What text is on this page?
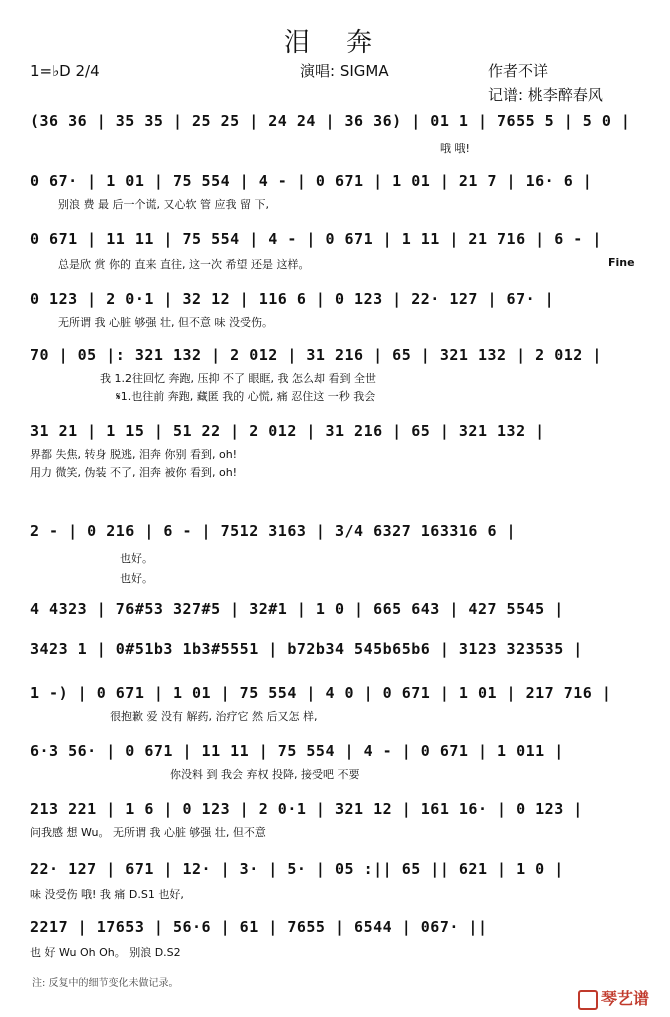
泪 奔
1=♭D 2/4	演唱: SIGMA	作者不详
记谱: 桃李醉春风
(36 36 | 35 35 | 25 25 | 24 24 | 36 36) | 01 1 | 7655 5 | 5 0 |
哦 哦!
0 67· | 1 01 | 75 554 | 4 - | 0 671 | 1 01 | 21 7 | 16· 6 |
别浪 费 最 后一个谎, 又心软 管 应我 留 下,
0 671 | 11 11 | 75 554 | 4 - | 0 671 | 1 11 | 21 716 | 6 - |
总是欣 赏 你的 直来 直往, 这一次 希望 还是 这样。	Fine
0 123 | 2 0·1 | 32 12 | 116 6 | 0 123 | 22· 127 | 67· |
无所谓 我 心脏 够强 壮, 但不意 味 没受伤。
70 | 05 |: 321 132 | 2 012 | 31 216 | 65 | 321 132 | 2 012 |
我 1.2往回忆 奔跑, 压抑 不了 眼眶, 我 怎么却 看到 全世
𝄋1.也往前 奔跑, 藏匿 我的 心慌, 痛 忍住这 一秒 我会
31 21 | 1 15 | 51 22 | 2 012 | 31 216 | 65 | 321 132 |
界都 失焦, 转身 脱逃, 泪奔 你别 看到, oh!
用力 微笑, 伪装 不了, 泪奔 被你 看到, oh!
2 - | 0 216 | 6 - | 7512 3163 | 3/4 6327 163316 6 |
也好。
也好。
4 4323 | 76#53 327#5 | 32#1 | 1 0 | 665 643 | 427 5545 |
3423 1 | 0#51b3 1b3#5551 | b72b34 545b65b6 | 3123 323535 |
1 -) | 0 671 | 1 01 | 75 554 | 4 0 | 0 671 | 1 01 | 217 716 |
很抱歉 爱 没有 解药, 治疗它 然 后又怎 样,
6·3 56· | 0 671 | 11 11 | 75 554 | 4 - | 0 671 | 1 011 |
你没料 到 我会 弃权 投降, 接受吧 不要
213 221 | 1 6 | 0 123 | 2 0·1 | 321 12 | 161 16· | 0 123 |
问我感 想 Wu。 无所谓 我 心脏 够强 壮, 但不意
22· 127 | 671 | 12· | 3· | 5· | 05 :|| 65 || 621 | 1 0 |
味 没受伤 哦! 我 痛 D.S1 也好,
2217 | 17653 | 56·6 | 61 | 7655 | 6544 | 067· ||
也 好 Wu Oh Oh。 别浪 D.S2
注: 反复中的细节变化未做记录。
琴艺谱
